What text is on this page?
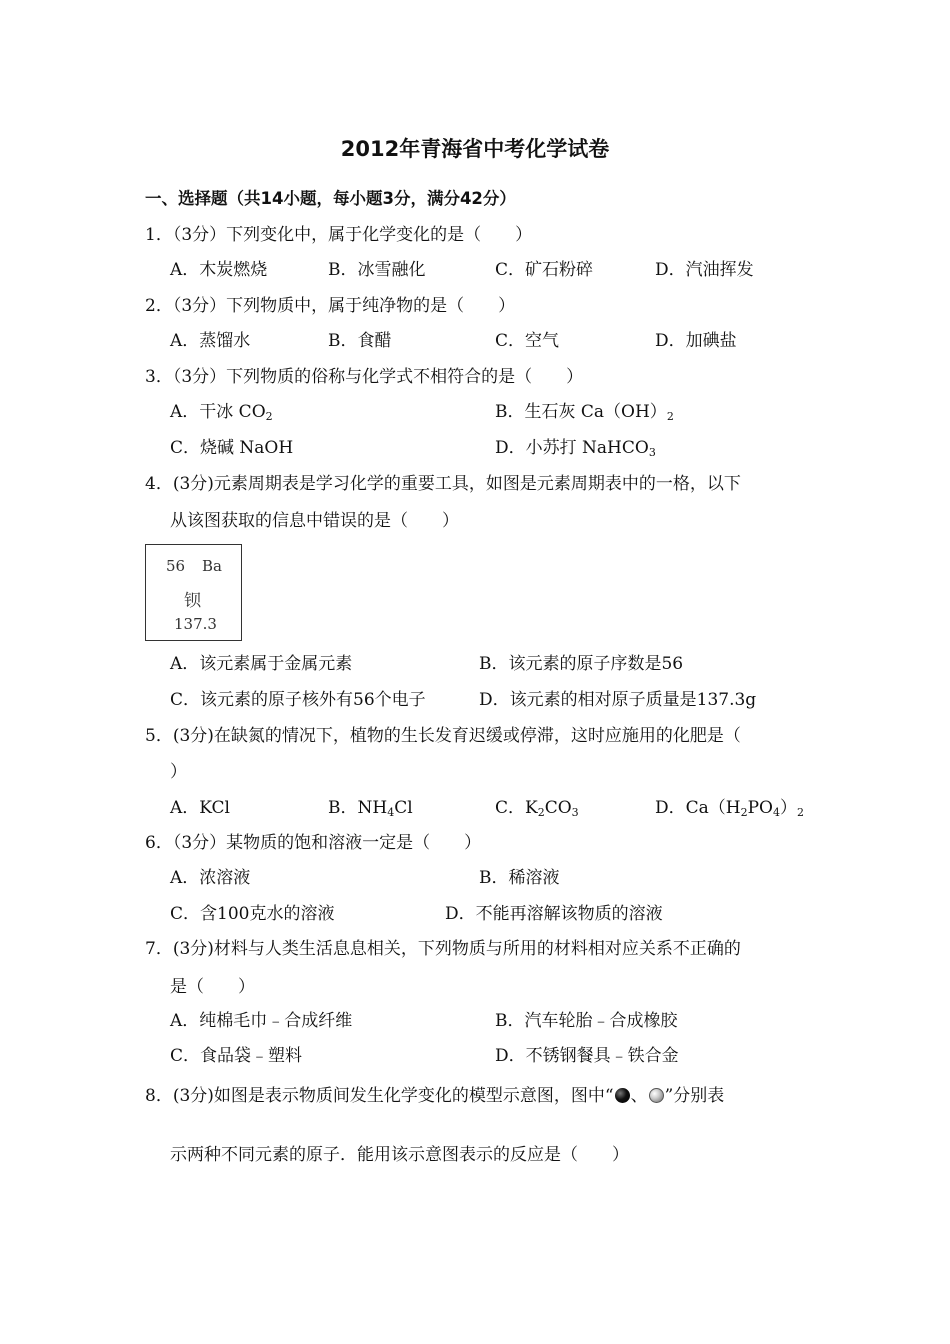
2012年青海省中考化学试卷
一、选择题（共14小题，每小题3分，满分42分）
1．（3分）下列变化中，属于化学变化的是（　　）
A．木炭燃烧	B．冰雪融化	C．矿石粉碎	D．汽油挥发
2．（3分）下列物质中，属于纯净物的是（　　）
A．蒸馏水	B．食醋	C．空气	D．加碘盐
3．（3分）下列物质的俗称与化学式不相符合的是（　　）
A．干冰 $CO_2$	B．生石灰 $Ca(OH)_2$
C．烧碱 NaOH	D．小苏打 NaHCO$_3$
4．(3分)元素周期表是学习化学的重要工具，如图是元素周期表中的一格，以下
从该图获取的信息中错误的是（　　）
56 Ba
钡
137.3
A．该元素属于金属元素	B．该元素的原子序数是56
C．该元素的原子核外有56个电子	D．该元素的相对原子质量是137.3g
5．(3分)在缺氮的情况下，植物的生长发育迟缓或停滞，这时应施用的化肥是（
）
A．KCl	B．$NH_4Cl$	C．$K_2CO_3$	D．$Ca(H_2PO_4)_2$
6．（3分）某物质的饱和溶液一定是（　　）
A．浓溶液	B．稀溶液
C．含100克水的溶液	D．不能再溶解该物质的溶液
7．(3分)材料与人类生活息息相关，下列物质与所用的材料相对应关系不正确的
是（　　）
A．纯棉毛巾﹣合成纤维	B．汽车轮胎﹣合成橡胶
C．食品袋﹣塑料	D．不锈钢餐具﹣铁合金
8．(3分)如图是表示物质间发生化学变化的模型示意图，图中“ 、 ”分别表
示两种不同元素的原子．能用该示意图表示的反应是（　　）
